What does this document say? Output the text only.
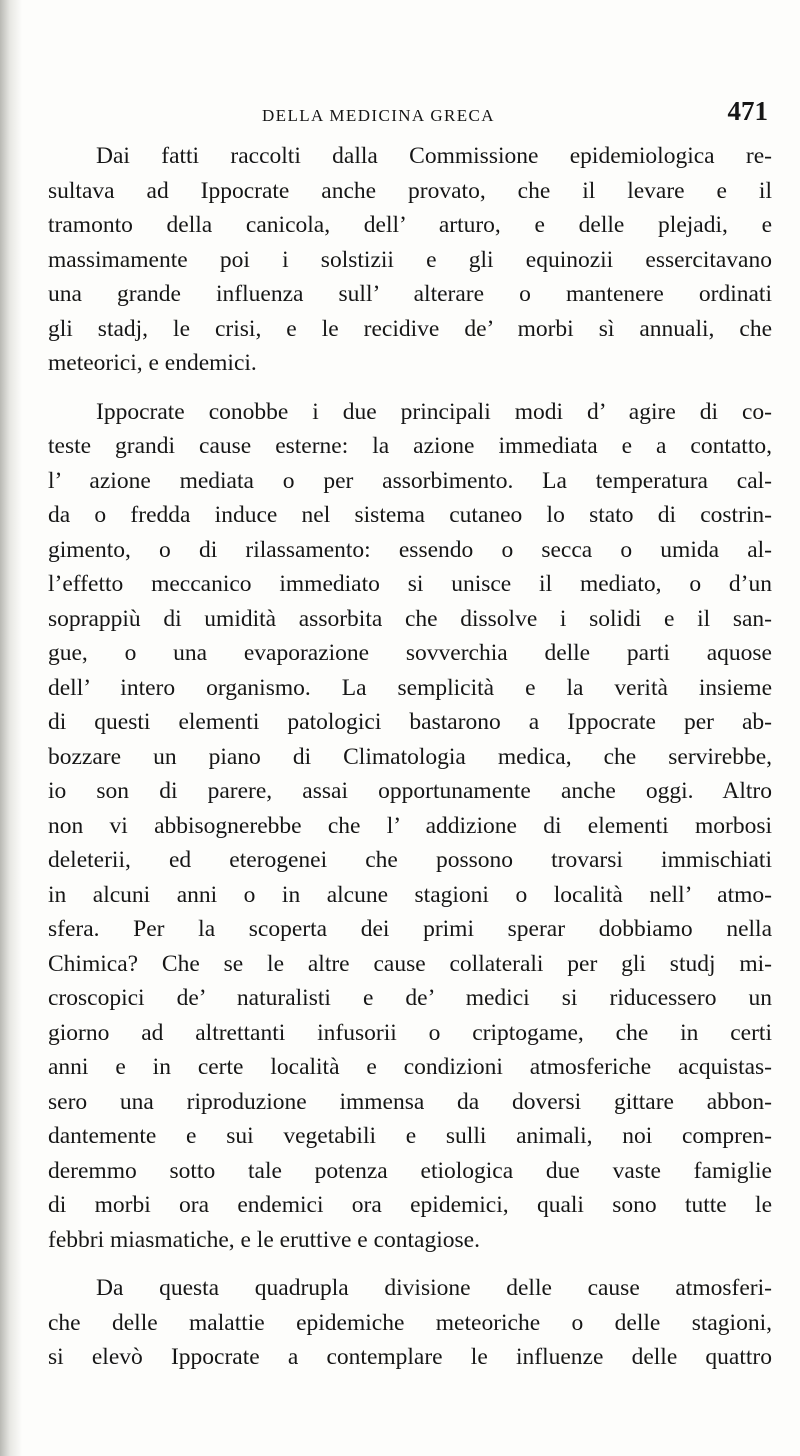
DELLA MEDICINA GRECA	471
Dai fatti raccolti dalla Commissione epidemiologica re-
sultava ad Ippocrate anche provato, che il levare e il
tramonto della canicola, dell’ arturo, e delle plejadi, e
massimamente poi i solstizii e gli equinozii essercitavano
una grande influenza sull’ alterare o mantenere ordinati
gli stadj, le crisi, e le recidive de’ morbi sì annuali, che
meteorici, e endemici.
Ippocrate conobbe i due principali modi d’ agire di co-
teste grandi cause esterne: la azione immediata e a contatto,
l’ azione mediata o per assorbimento. La temperatura cal-
da o fredda induce nel sistema cutaneo lo stato di costrin-
gimento, o di rilassamento: essendo o secca o umida al-
l’effetto meccanico immediato si unisce il mediato, o d’un
soprappiù di umidità assorbita che dissolve i solidi e il san-
gue, o una evaporazione sovverchia delle parti aquose
dell’ intero organismo. La semplicità e la verità insieme
di questi elementi patologici bastarono a Ippocrate per ab-
bozzare un piano di Climatologia medica, che servirebbe,
io son di parere, assai opportunamente anche oggi. Altro
non vi abbisognerebbe che l’ addizione di elementi morbosi
deleterii, ed eterogenei che possono trovarsi immischiati
in alcuni anni o in alcune stagioni o località nell’ atmo-
sfera. Per la scoperta dei primi sperar dobbiamo nella
Chimica? Che se le altre cause collaterali per gli studj mi-
croscopici de’ naturalisti e de’ medici si riducessero un
giorno ad altrettanti infusorii o criptogame, che in certi
anni e in certe località e condizioni atmosferiche acquistas-
sero una riproduzione immensa da doversi gittare abbon-
dantemente e sui vegetabili e sulli animali, noi compren-
deremmo sotto tale potenza etiologica due vaste famiglie
di morbi ora endemici ora epidemici, quali sono tutte le
febbri miasmatiche, e le eruttive e contagiose.
Da questa quadrupla divisione delle cause atmosferi-
che delle malattie epidemiche meteoriche o delle stagioni,
si elevò Ippocrate a contemplare le influenze delle quattro
